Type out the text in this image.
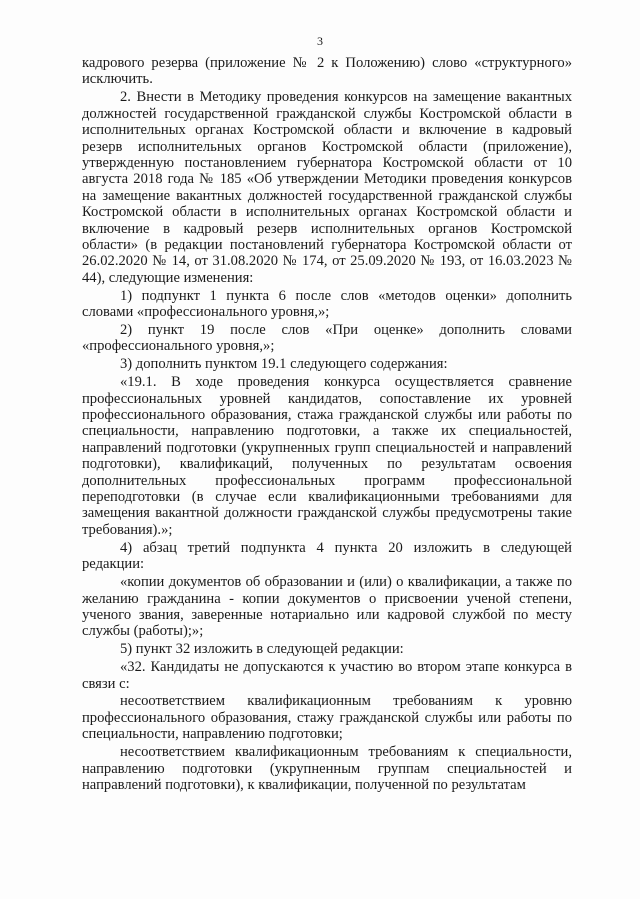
3

кадрового резерва (приложение № 2 к Положению) слово «структурного» исключить.

2. Внести в Методику проведения конкурсов на замещение вакантных должностей государственной гражданской службы Костромской области в исполнительных органах Костромской области и включение в кадровый резерв исполнительных органов Костромской области (приложение), утвержденную постановлением губернатора Костромской области от 10 августа 2018 года № 185 «Об утверждении Методики проведения конкурсов на замещение вакантных должностей государственной гражданской службы Костромской области в исполнительных органах Костромской области и включение в кадровый резерв исполнительных органов Костромской области» (в редакции постановлений губернатора Костромской области от 26.02.2020 № 14, от 31.08.2020 № 174, от 25.09.2020 № 193, от 16.03.2023 № 44), следующие изменения:

1) подпункт 1 пункта 6 после слов «методов оценки» дополнить словами «профессионального уровня,»;

2) пункт 19 после слов «При оценке» дополнить словами «профессионального уровня,»;

3) дополнить пунктом 19.1 следующего содержания:

«19.1. В ходе проведения конкурса осуществляется сравнение профессиональных уровней кандидатов, сопоставление их уровней профессионального образования, стажа гражданской службы или работы по специальности, направлению подготовки, а также их специальностей, направлений подготовки (укрупненных групп специальностей и направлений подготовки), квалификаций, полученных по результатам освоения дополнительных профессиональных программ профессиональной переподготовки (в случае если квалификационными требованиями для замещения вакантной должности гражданской службы предусмотрены такие требования).»;

4) абзац третий подпункта 4 пункта 20 изложить в следующей редакции:

«копии документов об образовании и (или) о квалификации, а также по желанию гражданина - копии документов о присвоении ученой степени, ученого звания, заверенные нотариально или кадровой службой по месту службы (работы);»;

5) пункт 32 изложить в следующей редакции:

«32. Кандидаты не допускаются к участию во втором этапе конкурса в связи с:

несоответствием квалификационным требованиям к уровню профессионального образования, стажу гражданской службы или работы по специальности, направлению подготовки;

несоответствием квалификационным требованиям к специальности, направлению подготовки (укрупненным группам специальностей и направлений подготовки), к квалификации, полученной по результатам
